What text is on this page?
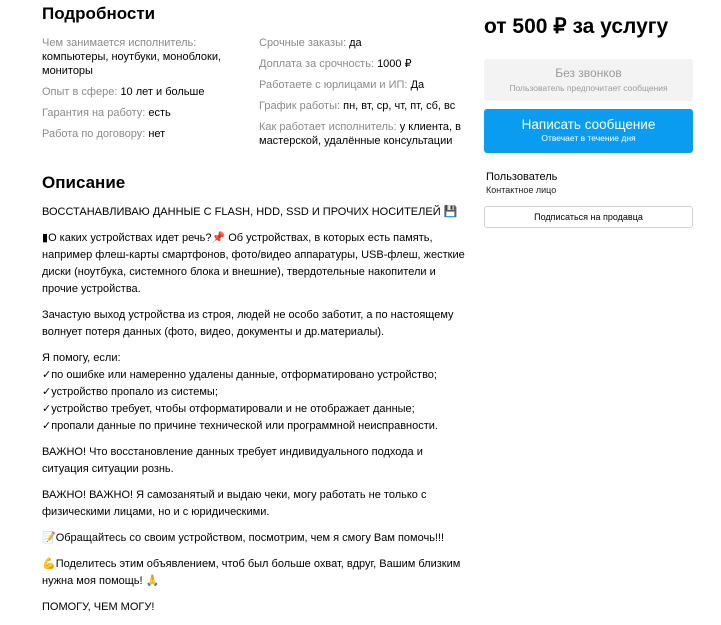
Подробности
Чем занимается исполнитель:
компьютеры, ноутбуки, моноблоки, мониторы
Опыт в сфере: 10 лет и больше
Гарантия на работу: есть
Работа по договору: нет
Срочные заказы: да
Доплата за срочность: 1000 ₽
Работаете с юрлицами и ИП: Да
График работы: пн, вт, ср, чт, пт, сб, вс
Как работает исполнитель: у клиента, в мастерской, удалённые консультации
Описание

ВОССТАНАВЛИВАЮ ДАННЫЕ С FLASH, HDD, SSD И ПРОЧИХ НОСИТЕЛЕЙ 💾

▮О каких устройствах идет речь?📌 Об устройствах, в которых есть память, например флеш-карты смартфонов, фото/видео аппаратуры, USB-флеш, жесткие диски (ноутбука, системного блока и внешние), твердотельные накопители и прочие устройства.

Зачастую выход устройства из строя, людей не особо заботит, а по настоящему волнует потеря данных (фото, видео, документы и др.материалы).

Я помогу, если:
✓по ошибке или намеренно удалены данные, отформатировано устройство;
✓устройство пропало из системы;
✓устройство требует, чтобы отформатировали и не отображает данные;
✓пропали данные по причине технической или программной неисправности.

ВАЖНО! Что восстановление данных требует индивидуального подхода и ситуация ситуации рознь.

ВАЖНО! ВАЖНО! Я самозанятый и выдаю чеки, могу работать не только с физическими лицами, но и с юридическими.

📝Обращайтесь со своим устройством, посмотрим, чем я смогу Вам помочь!!!

💪Поделитесь этим объявлением, чтоб был больше охват, вдруг, Вашим близким нужна моя помощь! 🙏

ПОМОГУ, ЧЕМ МОГУ!

от 500 ₽ за услугу
Без звонков
Пользователь предпочитает сообщения
Написать сообщение
Отвечает в течение дня
Пользователь
Контактное лицо
Подписаться на продавца
